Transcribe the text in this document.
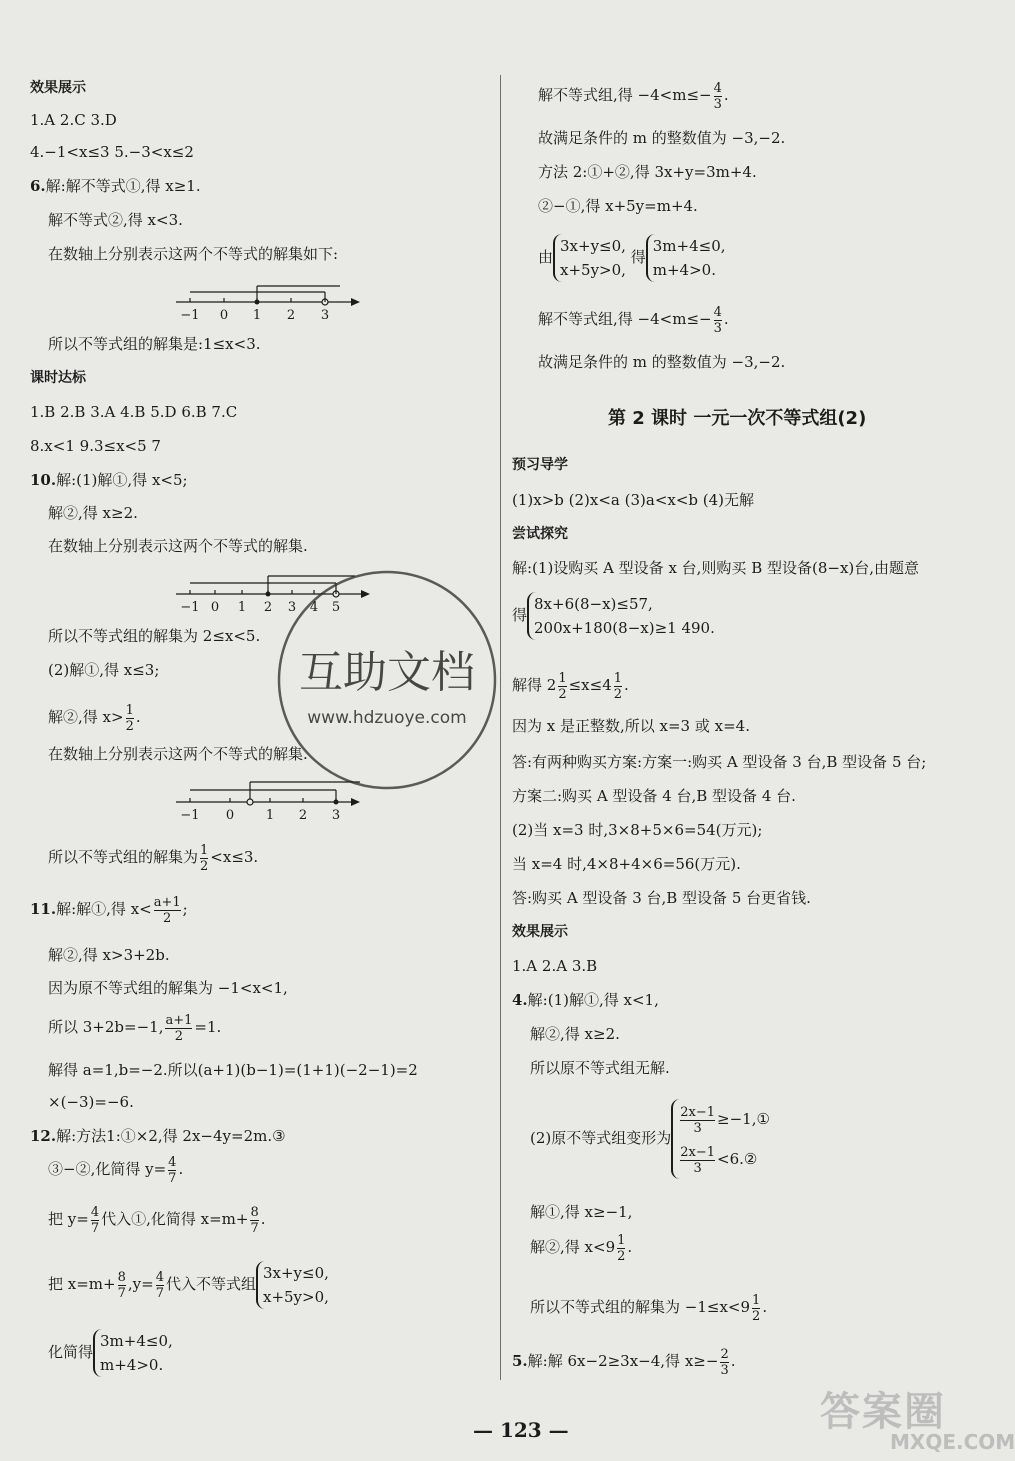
效果展示
1.A 2.C 3.D
4.−1<x≤3 5.−3<x≤2
6.解:解不等式①,得 x≥1.
解不等式②,得 x<3.
在数轴上分别表示这两个不等式的解集如下:
−1 0 1 2 3
所以不等式组的解集是:1≤x<3.
课时达标
1.B 2.B 3.A 4.B 5.D 6.B 7.C
8.x<1 9.3≤x<5 7
10.解:(1)解①,得 x<5;
解②,得 x≥2.
在数轴上分别表示这两个不等式的解集.
−1 0 1 2 3 4 5
所以不等式组的解集为 2≤x<5.
(2)解①,得 x≤3;
解②,得 $x> \frac{1}{2}$ .
在数轴上分别表示这两个不等式的解集.
−1 0 1 2 3
所以不等式组的解集为 $\frac{1}{2} <x\le 3$.
11.解:解①,得 $x< \frac{a+1}{2}$ ;
解②,得 x>3+2b.
因为原不等式组的解集为 −1<x<1,
所以 3+2b=−1, $\frac{a+1}{2} =1$.
解得 a=1,b=−2.所以(a+1)(b−1)=(1+1)(−2−1)=2
×(−3)=−6.
12.解:方法1:①×2,得 2x−4y=2m.③
③−②,化简得 $y= \frac{4}{7}$ .
把 $y= \frac{4}{7}$ 代入①,化简得 $x=m+ \frac{8}{7}$ .
把 $x=m+ \frac{8}{7} ,y= \frac{4}{7}$ 代入不等式组
3x+y≤0,
x+5y>0,
化简得
3m+4≤0,
m+4>0.
解不等式组,得 $-4<m\le- \frac{4}{3}$ .
故满足条件的 m 的整数值为 −3,−2.
方法 2:①+②,得 3x+y=3m+4.
②−①,得 x+5y=m+4.
由
3x+y≤0,
x+5y>0,
得
3m+4≤0,
m+4>0.
解不等式组,得 $-4<m\le- \frac{4}{3}$ .
故满足条件的 m 的整数值为 −3,−2.
第 2 课时 一元一次不等式组(2)
预习导学
(1)x>b (2)x<a (3)a<x<b (4)无解
尝试探究
解:(1)设购买 A 型设备 x 台,则购买 B 型设备(8−x)台,由题意
得
8x+6(8−x)≤57,
200x+180(8−x)≥1 490.
解得 $2 \frac{1}{2} \le x\le 4 \frac{1}{2}$ .
因为 x 是正整数,所以 x=3 或 x=4.
答:有两种购买方案:方案一:购买 A 型设备 3 台,B 型设备 5 台;
方案二:购买 A 型设备 4 台,B 型设备 4 台.
(2)当 x=3 时,3×8+5×6=54(万元);
当 x=4 时,4×8+4×6=56(万元).
答:购买 A 型设备 3 台,B 型设备 5 台更省钱.
效果展示
1.A 2.A 3.B
4.解:(1)解①,得 x<1,
解②,得 x≥2.
所以原不等式组无解.
(2)原不等式组变形为
$\frac{2x-1}{3}$ ≥−1,①
$\frac{2x-1}{3}$ <6.②
解①,得 x≥−1,
解②,得 $x<9 \frac{1}{2}$ .
所以不等式组的解集为 $-1\le x<9 \frac{1}{2}$ .
5.解:解 6x−2≥3x−4,得 $x\ge- \frac{2}{3}$ .
— 123 —
互助文档
www.hdzuoye.com
答案圈
MXQE.COM
